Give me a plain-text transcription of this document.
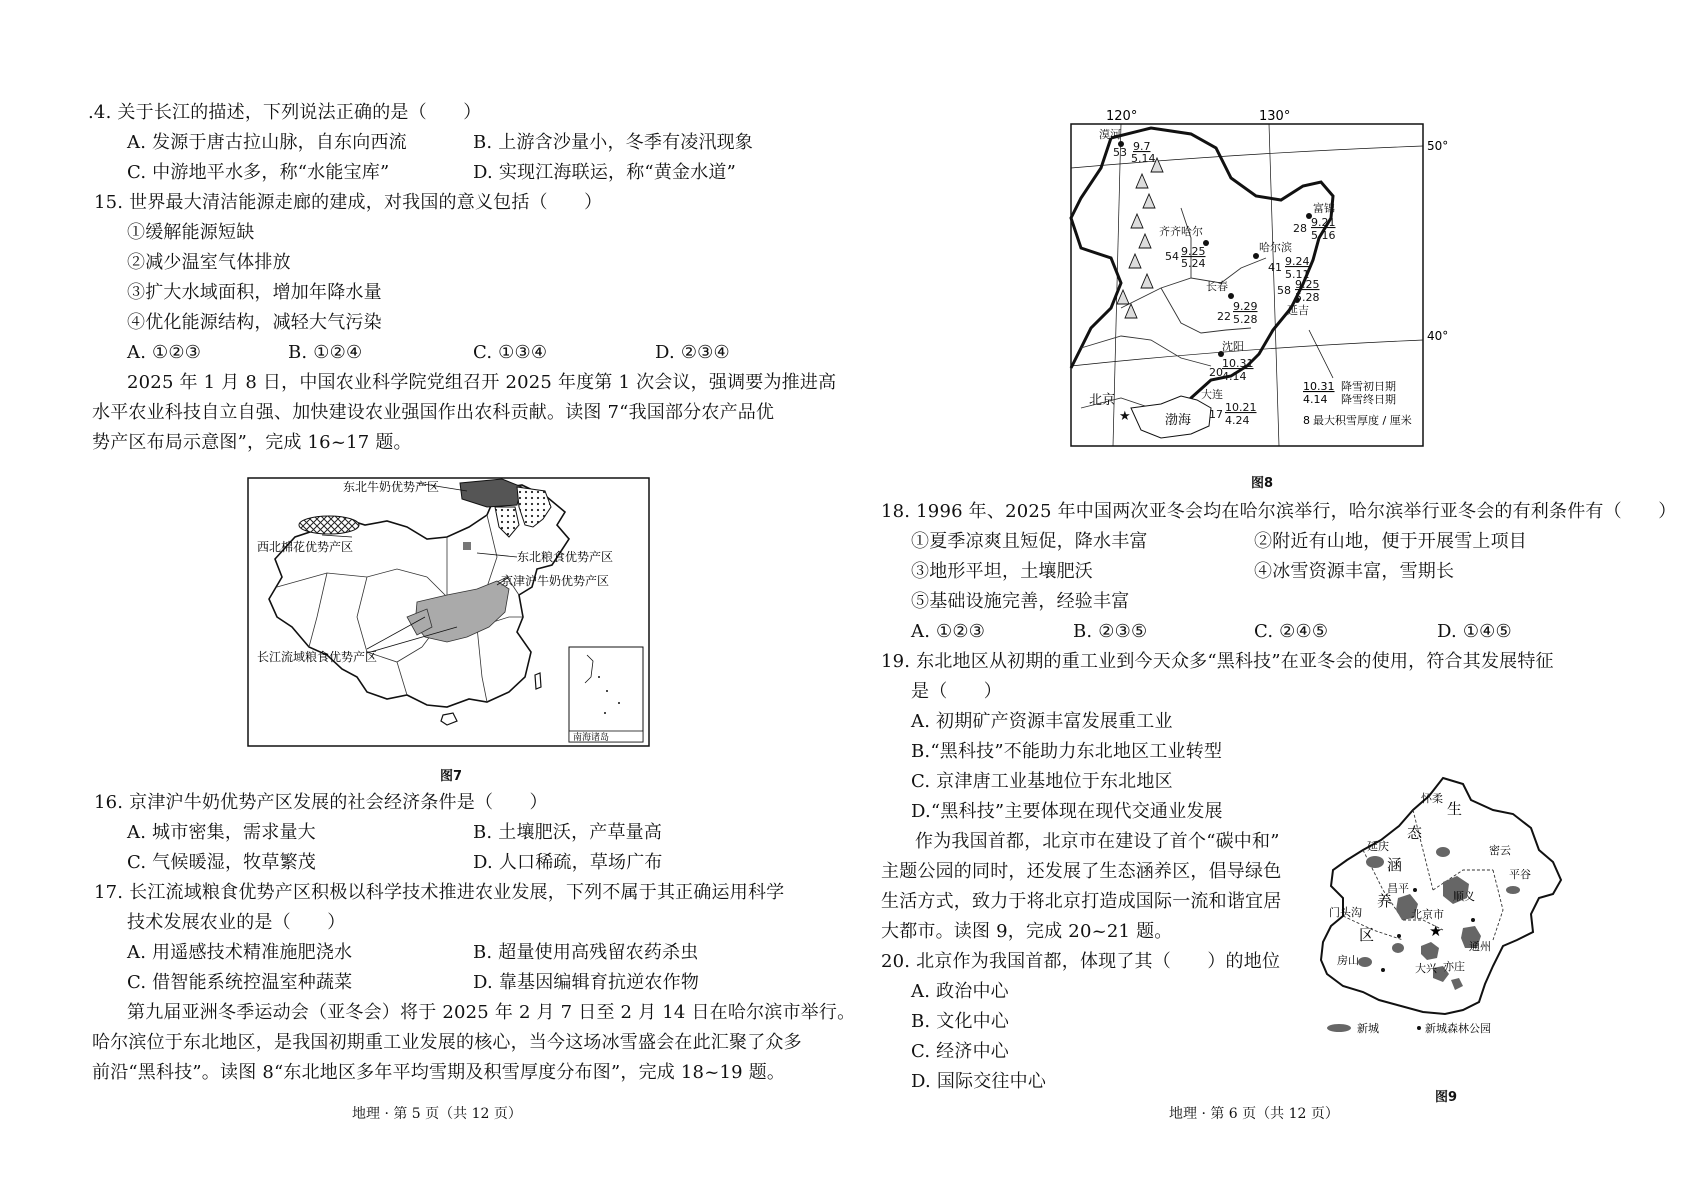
.4. 关于长江的描述，下列说法正确的是（　　）
A. 发源于唐古拉山脉，自东向西流	B. 上游含沙量小，冬季有凌汛现象
C. 中游地平水多，称“水能宝库”	D. 实现江海联运，称“黄金水道”
15. 世界最大清洁能源走廊的建成，对我国的意义包括（　　）
①缓解能源短缺
②减少温室气体排放
③扩大水域面积，增加年降水量
④优化能源结构，减轻大气污染
A. ①②③	B. ①②④	C. ①③④	D. ②③④
2025 年 1 月 8 日，中国农业科学院党组召开 2025 年度第 1 次会议，强调要为推进高
水平农业科技自立自强、加快建设农业强国作出农科贡献。读图 7“我国部分农产品优
势产区布局示意图”，完成 16~17 题。
东北牛奶优势产区
西北棉花优势产区
东北粮食优势产区
京津沪牛奶优势产区
长江流域粮食优势产区
南海诸岛
图7
16. 京津沪牛奶优势产区发展的社会经济条件是（　　）
A. 城市密集，需求量大	B. 土壤肥沃，产草量高
C. 气候暖湿，牧草繁茂	D. 人口稀疏，草场广布
17. 长江流域粮食优势产区积极以科学技术推进农业发展，下列不属于其正确运用科学
技术发展农业的是（　　）
A. 用遥感技术精准施肥浇水	B. 超量使用高残留农药杀虫
C. 借智能系统控温室种蔬菜	D. 靠基因编辑育抗逆农作物
第九届亚洲冬季运动会（亚冬会）将于 2025 年 2 月 7 日至 2 月 14 日在哈尔滨市举行。
哈尔滨位于东北地区，是我国初期重工业发展的核心，当今这场冰雪盛会在此汇聚了众多
前沿“黑科技”。读图 8“东北地区多年平均雪期及积雪厚度分布图”，完成 18~19 题。
地理 · 第 5 页（共 12 页）
120°	130°
50°
40°
漠河
53 9.7
5.14
齐齐哈尔
54 9.25
5.24
哈尔滨
41 9.24
5.11
富锦
28 9.21
5.16
长春
22
9.29
5.28
延吉
58 9.25
5.28
沈阳
20
10.31
4.14
大连
17
10.21
4.24
北京
★	渤海
10.31
4.14
降雪初日期
降雪终日期
8 最大积雪厚度 / 厘米
图8
18. 1996 年、2025 年中国两次亚冬会均在哈尔滨举行，哈尔滨举行亚冬会的有利条件有（　　）
①夏季凉爽且短促，降水丰富	②附近有山地，便于开展雪上项目
③地形平坦，土壤肥沃	④冰雪资源丰富，雪期长
⑤基础设施完善，经验丰富
A. ①②③	B. ②③⑤	C. ②④⑤	D. ①④⑤
19. 东北地区从初期的重工业到今天众多“黑科技”在亚冬会的使用，符合其发展特征
是（　　）
A. 初期矿产资源丰富发展重工业
B.“黑科技”不能助力东北地区工业转型
C. 京津唐工业基地位于东北地区
D.“黑科技”主要体现在现代交通业发展
作为我国首都，北京市在建设了首个“碳中和”
主题公园的同时，还发展了生态涵养区，倡导绿色
生活方式，致力于将北京打造成国际一流和谐宜居
大都市。读图 9，完成 20~21 题。
20. 北京作为我国首都，体现了其（　　）的地位
A. 政治中心
B. 文化中心
C. 经济中心
D. 国际交往中心
★
怀柔
延庆	密云
昌平
顺义
平谷
门头沟	北京市
通州
房山
大兴 亦庄
生
态
涵
养
区
新城	新城森林公园
图9
地理 · 第 6 页（共 12 页）
